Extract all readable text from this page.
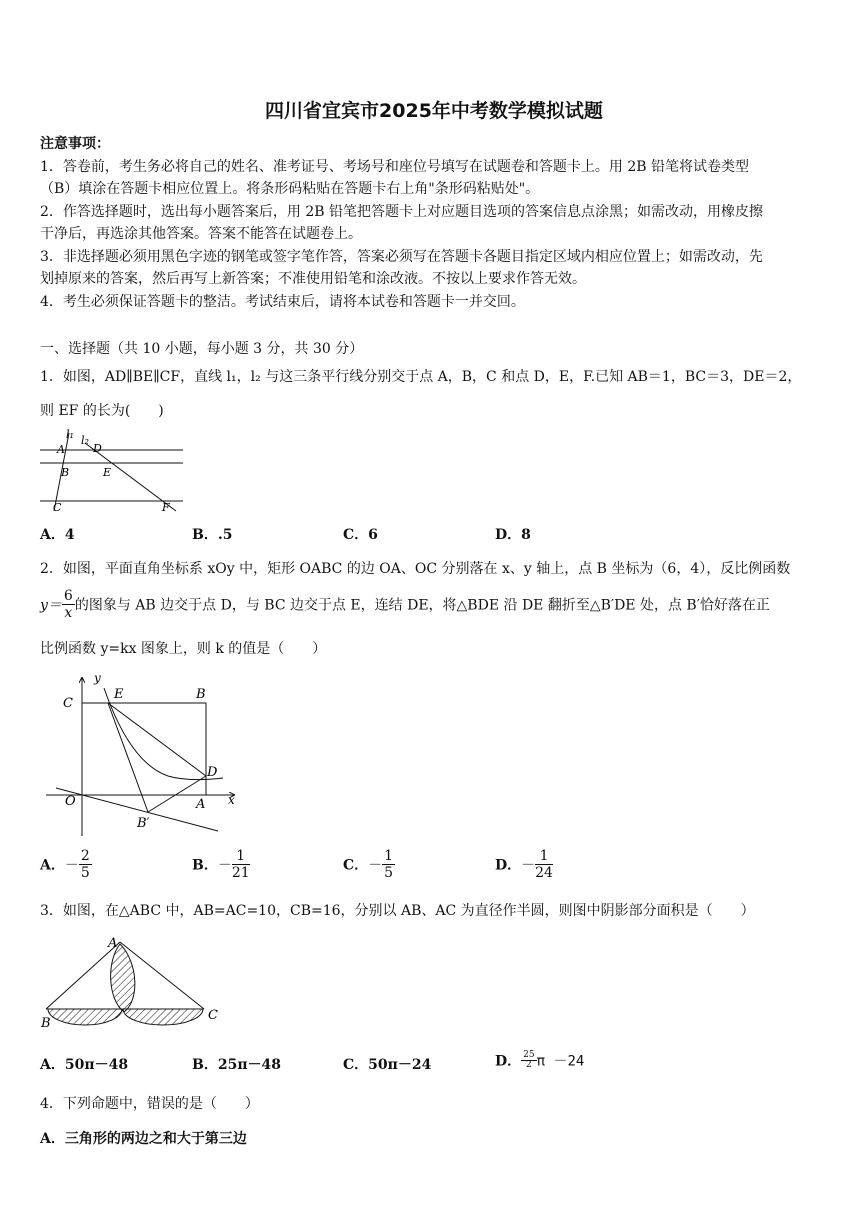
四川省宜宾市2025年中考数学模拟试题
注意事项：
1．答卷前，考生务必将自己的姓名、准考证号、考场号和座位号填写在试题卷和答题卡上。用 2B 铅笔将试卷类型
（B）填涂在答题卡相应位置上。将条形码粘贴在答题卡右上角"条形码粘贴处"。
2．作答选择题时，选出每小题答案后，用 2B 铅笔把答题卡上对应题目选项的答案信息点涂黑；如需改动，用橡皮擦
干净后，再选涂其他答案。答案不能答在试题卷上。
3．非选择题必须用黑色字迹的钢笔或签字笔作答，答案必须写在答题卡各题目指定区域内相应位置上；如需改动，先
划掉原来的答案，然后再写上新答案；不准使用铅笔和涂改液。不按以上要求作答无效。
4．考生必须保证答题卡的整洁。考试结束后，请将本试卷和答题卡一并交回。
一、选择题（共 10 小题，每小题 3 分，共 30 分）
1．如图，AD∥BE∥CF，直线 l₁，l₂ 与这三条平行线分别交于点 A，B，C 和点 D，E，F.已知 AB＝1，BC＝3，DE＝2，
则 EF 的长为(　　)
l₁ l₂
A	D
B	E
C	F
A．4	B．.5	C．6	D．8
2．如图，平面直角坐标系 xOy 中，矩形 OABC 的边 OA、OC 分别落在 x、y 轴上，点 B 坐标为（6，4），反比例函数
$y= \frac{6}{x}$ 的图象与 AB 边交于点 D，与 BC 边交于点 E，连结 DE，将△BDE 沿 DE 翻折至△B′DE 处，点 B′恰好落在正
比例函数 y=kx 图象上，则 k 的值是（　　）
y
x
C
E	B
D
O	A
B′
A．－ $\frac{2}{5}$	B．－ $\frac{1}{21}$	C．－ $\frac{1}{5}$	D．－ $\frac{1}{24}$
3．如图，在△ABC 中，AB=AC=10，CB=16，分别以 AB、AC 为直径作半圆，则图中阴影部分面积是（　　）
A
B
C
A．50π－48	B．25π－48	C．50π－24	D． $\frac{25}{2}$ π －24
4．下列命题中，错误的是（　　）
A．三角形的两边之和大于第三边
